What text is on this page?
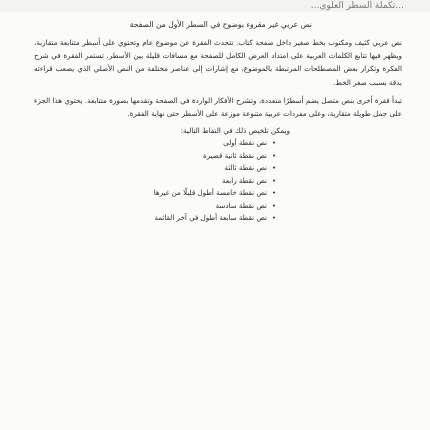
...تكملة السطر العلوي...
نص عربي غير مقروء بوضوح في السطر الأول من الصفحة

نص عربي كثيف ومكتوب بخط صغير داخل صفحة كتاب. تتحدث الفقرة عن موضوع عام وتحتوي على أسطر متتابعة متقاربة، ويظهر فيها تتابع الكلمات العربية على امتداد العرض الكامل للصفحة مع مسافات قليلة بين الأسطر. تستمر الفقرة في شرح الفكرة وتكرار بعض المصطلحات المرتبطة بالموضوع، مع إشارات إلى عناصر مختلفة من النص الأصلي الذي يصعب قراءته بدقة بسبب صغر الخط.

تبدأ فقرة أخرى بنص متصل يضم أسطرًا متعددة، وتشرح الأفكار الواردة في الصفحة وتقدمها بصورة متتابعة. يحتوي هذا الجزء على جمل طويلة متقاربة، وعلى مفردات عربية متنوعة موزعة على الأسطر حتى نهاية الفقرة.

ويمكن تلخيص ذلك في النقاط التالية:
• نص نقطة أولى
• نص نقطة ثانية قصيرة
• نص نقطة ثالثة
• نص نقطة رابعة
• نص نقطة خامسة أطول قليلًا من غيرها
• نص نقطة سادسة
• نص نقطة سابعة أطول في آخر القائمة
